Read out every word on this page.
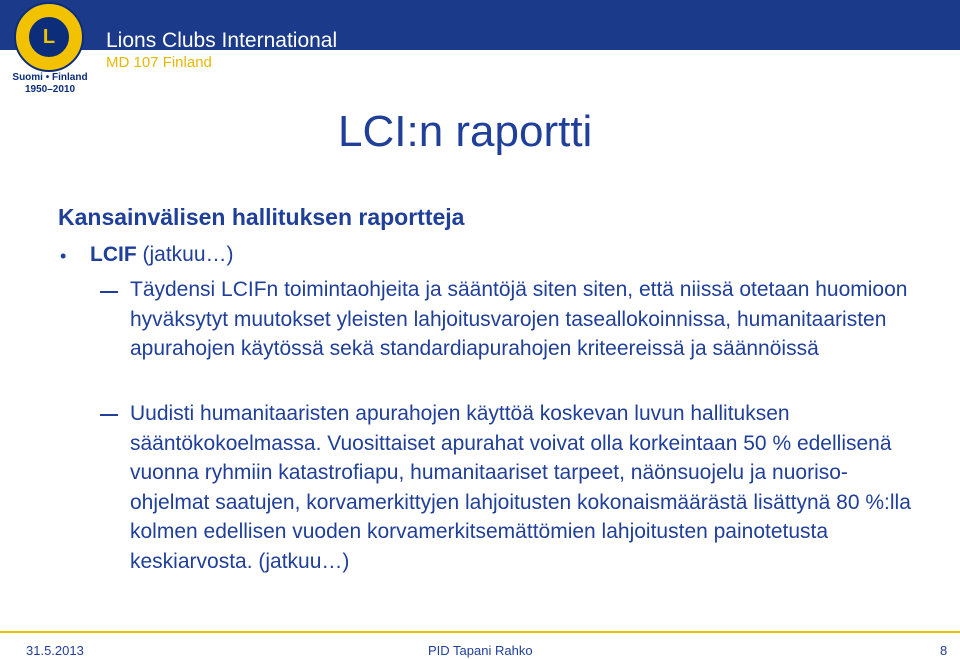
L
Suomi • Finland
1950–2010
Lions Clubs International
MD 107 Finland
LCI:n raportti
Kansainvälisen hallituksen raportteja
• LCIF (jatkuu…)
Täydensi LCIFn toimintaohjeita ja sääntöjä siten siten, että niissä otetaan huomioon hyväksytyt muutokset yleisten lahjoitusvarojen taseallokoinnissa, humanitaaristen apurahojen käytössä sekä standardiapurahojen kriteereissä ja säännöissä
Uudisti humanitaaristen apurahojen käyttöä koskevan luvun hallituksen sääntökokoelmassa. Vuosittaiset apurahat voivat olla korkeintaan 50 % edellisenä vuonna ryhmiin katastrofiapu, humanitaariset tarpeet, näönsuojelu ja nuoriso-ohjelmat saatujen, korvamerkittyjen lahjoitusten kokonaismäärästä lisättynä 80 %:lla kolmen edellisen vuoden korvamerkitsemättömien lahjoitusten painotetusta keskiarvosta. (jatkuu…)
31.5.2013	PID Tapani Rahko	8
